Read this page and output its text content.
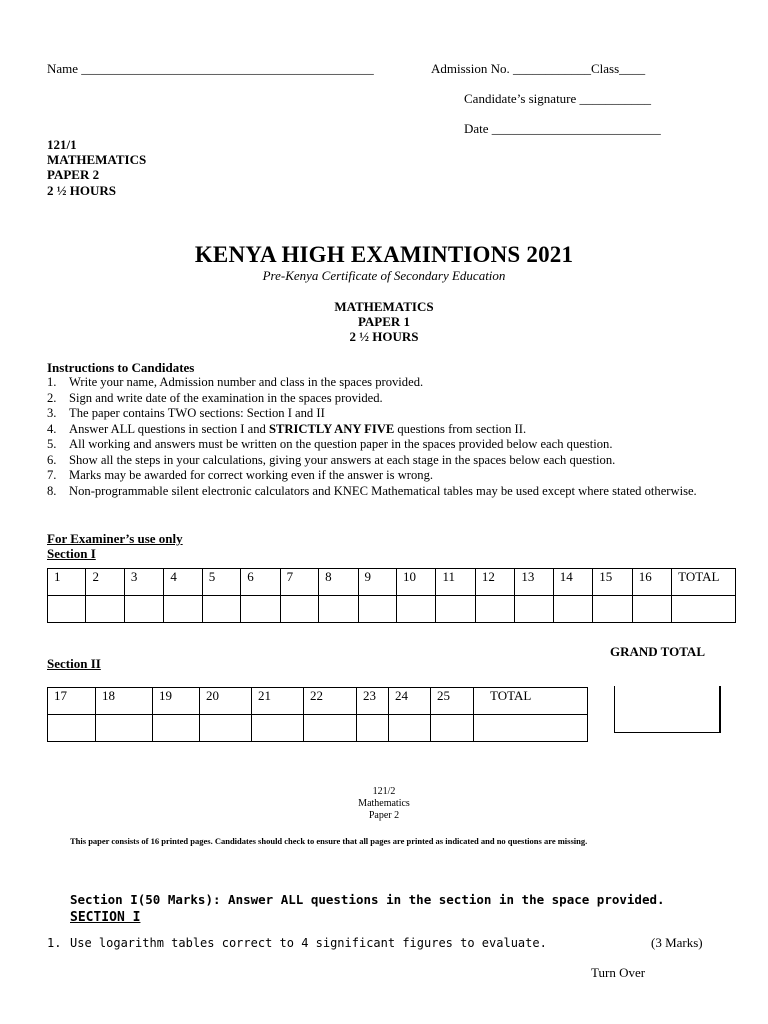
Name _____________________________________________	Admission No. ____________Class____
Candidate’s signature ___________
Date __________________________
121/1
MATHEMATICS
PAPER 2
2 ½ HOURS
KENYA HIGH EXAMINTIONS 2021
Pre-Kenya Certificate of Secondary Education
MATHEMATICS
PAPER 1
2 ½ HOURS
Instructions to Candidates
1. Write your name, Admission number and class in the spaces provided.
2. Sign and write date of the examination in the spaces provided.
3. The paper contains TWO sections: Section I and II
4. Answer ALL questions in section I and STRICTLY ANY FIVE questions from section II.
5. All working and answers must be written on the question paper in the spaces provided below each question.
6. Show all the steps in your calculations, giving your answers at each stage in the spaces below each question.
7. Marks may be awarded for correct working even if the answer is wrong.
8. Non-programmable silent electronic calculators and KNEC Mathematical tables may be used except where stated otherwise.
For Examiner’s use only
Section I
1	2	3	4	5	6	7	8	9	10	11	12	13	14	15	16	TOTAL

GRAND TOTAL
Section II
17	18	19	20	21	22	23	24	25	TOTAL

121/2
Mathematics
Paper 2
This paper consists of 16 printed pages. Candidates should check to ensure that all pages are printed as indicated and no questions are missing.
Section I(50 Marks): Answer ALL questions in the section in the space provided.
SECTION I
1. Use logarithm tables correct to 4 significant figures to evaluate.	(3 Marks)
Turn Over
